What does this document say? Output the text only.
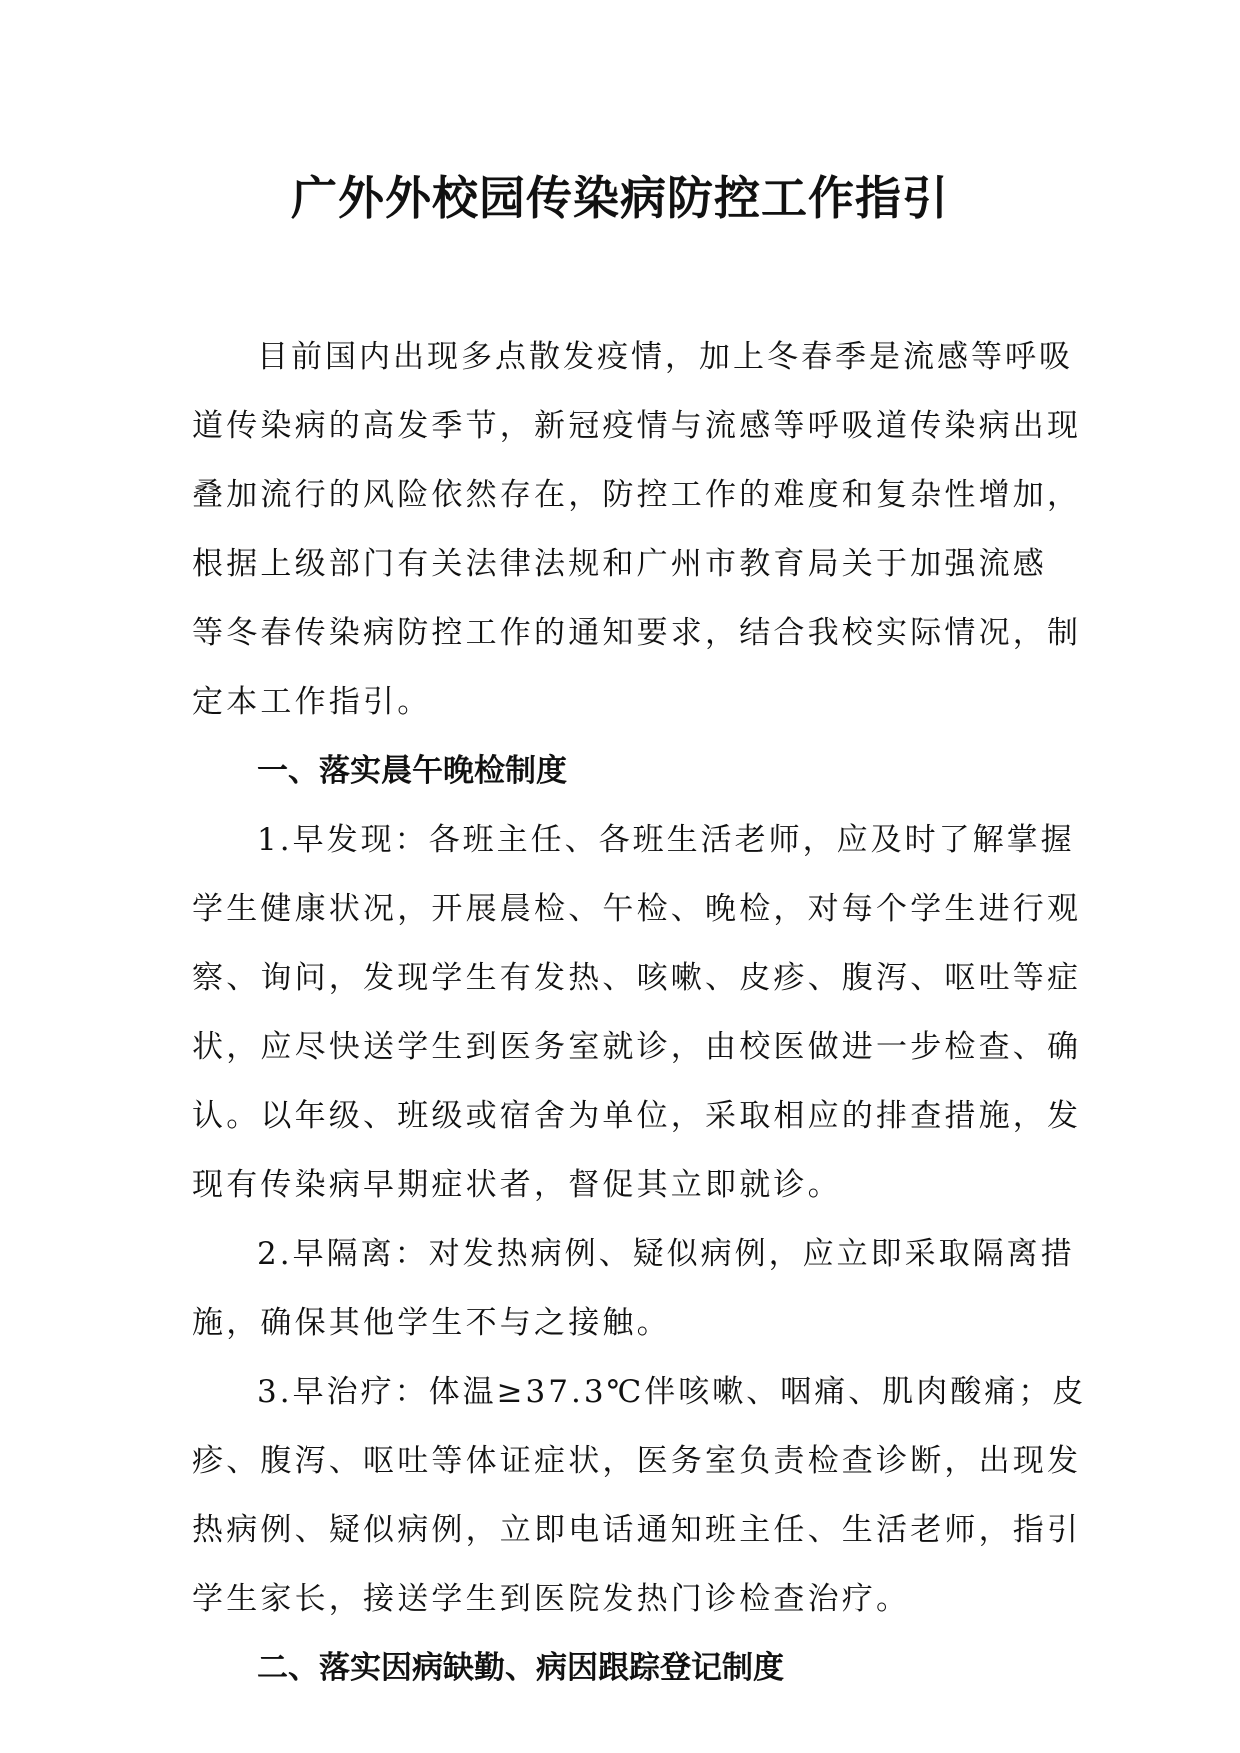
广外外校园传染病防控工作指引
目前国内出现多点散发疫情，加上冬春季是流感等呼吸
道传染病的高发季节，新冠疫情与流感等呼吸道传染病出现
叠加流行的风险依然存在，防控工作的难度和复杂性增加，
根据上级部门有关法律法规和广州市教育局关于加强流感
等冬春传染病防控工作的通知要求，结合我校实际情况，制
定本工作指引。
一、落实晨午晚检制度
1.早发现：各班主任、各班生活老师，应及时了解掌握
学生健康状况，开展晨检、午检、晚检，对每个学生进行观
察、询问，发现学生有发热、咳嗽、皮疹、腹泻、呕吐等症
状，应尽快送学生到医务室就诊，由校医做进一步检查、确
认。以年级、班级或宿舍为单位，采取相应的排查措施，发
现有传染病早期症状者，督促其立即就诊。
2.早隔离：对发热病例、疑似病例，应立即采取隔离措
施，确保其他学生不与之接触。
3.早治疗：体温≥37.3℃伴咳嗽、咽痛、肌肉酸痛；皮
疹、腹泻、呕吐等体证症状，医务室负责检查诊断，出现发
热病例、疑似病例，立即电话通知班主任、生活老师，指引
学生家长，接送学生到医院发热门诊检查治疗。
二、落实因病缺勤、病因跟踪登记制度
